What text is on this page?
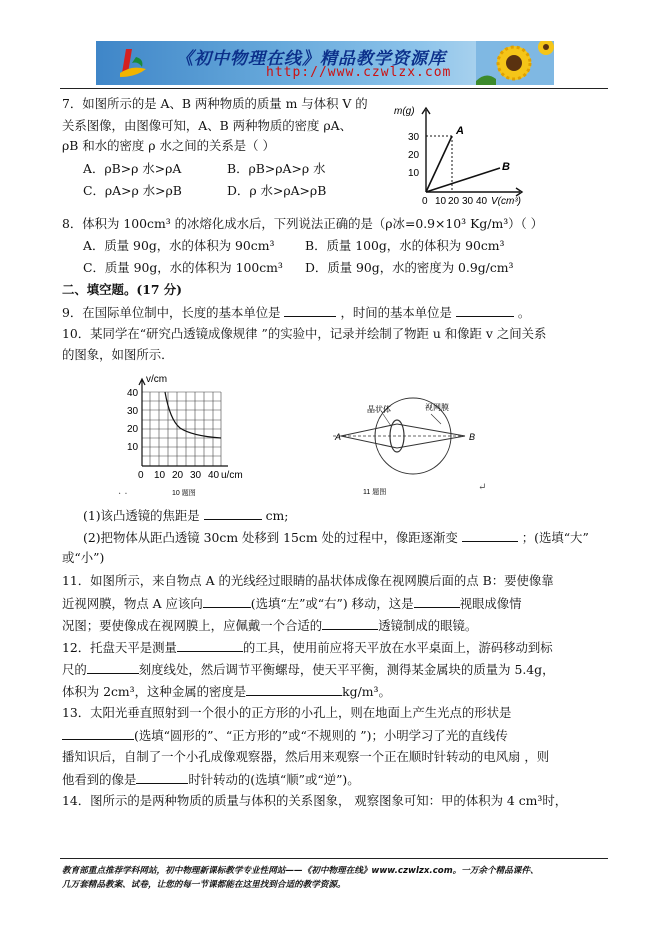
《初中物理在线》精品教学资源库
http://www.czwlzx.com
7．如图所示的是 A、B 两种物质的质量 m 与体积 V 的
关系图像，由图像可知，A、B 两种物质的密度 ρA、
ρB 和水的密度 ρ 水之间的关系是（ ）
A．ρB>ρ 水>ρA	B．ρB>ρA>ρ 水
C．ρA>ρ 水>ρB	D．ρ 水>ρA>ρB
m(g)
30
20
10
0 10 20 30 40 V(cm³)
A
B
8．体积为 100cm³ 的冰熔化成水后，下列说法正确的是（ρ冰=0.9×10³ Kg/m³）（ ）
A．质量 90g，水的体积为 90cm³ B．质量 100g，水的体积为 90cm³
C．质量 90g，水的体积为 100cm³ D．质量 90g，水的密度为 0.9g/cm³
二、填空题。(17 分)
9．在国际单位制中，长度的基本单位是	，时间的基本单位是	。
10．某同学在“研究凸透镜成像规律 ”的实验中，记录并绘制了物距 u 和像距 v 之间关系
的图象，如图所示．
v/cm
40
30
20
10
0 10 20 30 40 u/cm
10 题图
. .
A	B
晶状体	视网膜
11 题图	↵
(1)该凸透镜的焦距是	cm;
(2)把物体从距凸透镜 30cm 处移到 15cm 处的过程中，像距逐渐变	；(选填“大”
或“小”)
11．如图所示，来自物点 A 的光线经过眼睛的晶状体成像在视网膜后面的点 B：要使像靠
近视网膜，物点 A 应该向	(选填“左”或“右”) 移动，这是	视眼成像情
况图；要使像成在视网膜上，应佩戴一个合适的	透镜制成的眼镜。
12．托盘天平是测量	的工具，使用前应将天平放在水平桌面上，游码移动到标
尺的	刻度线处，然后调节平衡螺母，使天平平衡，测得某金属块的质量为 5.4g，
体积为 2cm³，这种金属的密度是	kg/m³。
13．太阳光垂直照射到一个很小的正方形的小孔上，则在地面上产生光点的形状是
(选填“圆形的”、“正方形的”或“不规则的 ”)；小明学习了光的直线传
播知识后，自制了一个小孔成像观察器，然后用来观察一个正在顺时针转动的电风扇 ，则
他看到的像是	时针转动的(选填“顺”或“逆”)。
14．图所示的是两种物质的质量与体积的关系图象， 观察图象可知：甲的体积为 4 cm³时，
教育部重点推荐学科网站，初中物理新课标教学专业性网站——《初中物理在线》www.czwlzx.com。一万余个精品课件、
几万套精品教案、试卷，让您的每一节课都能在这里找到合适的教学资源。
